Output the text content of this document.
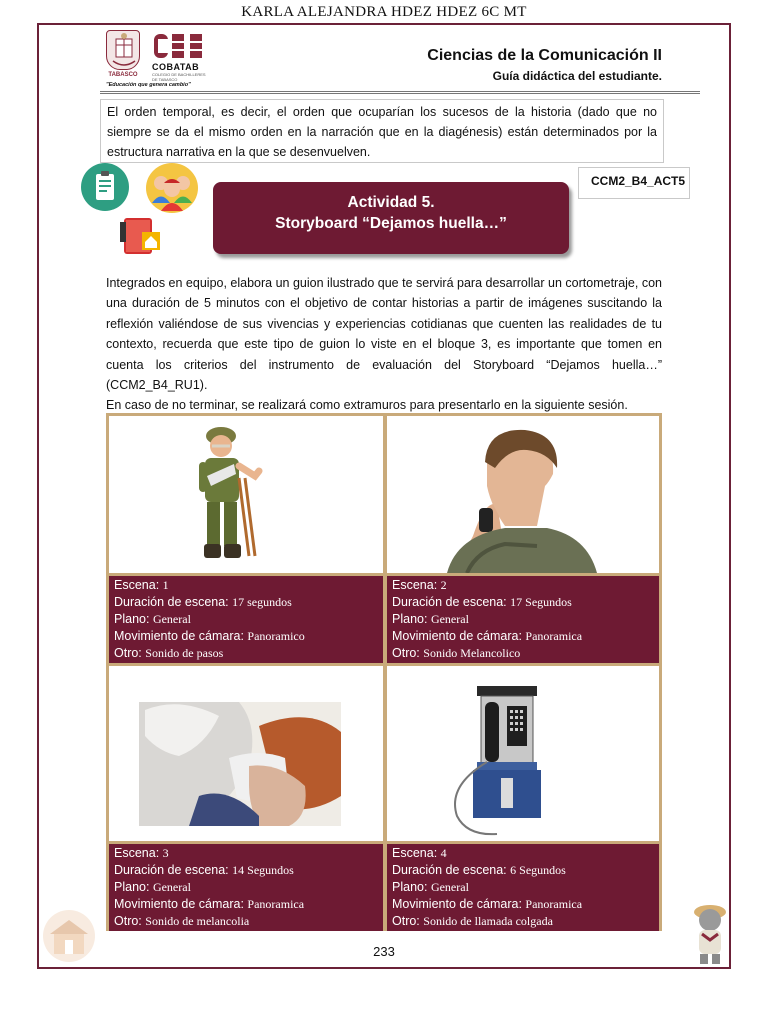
KARLA ALEJANDRA HDEZ HDEZ 6C MT
TABASCO
COBATAB
COLEGIO DE BACHILLERES DE TABASCO
"Educación que genera cambio"
Ciencias de la Comunicación II
Guía didáctica del estudiante.
El orden temporal, es decir, el orden que ocuparían los sucesos de la historia (dado que no siempre se da el mismo orden en la narración que en la diagénesis) están determinados por la estructura narrativa en la que se desenvuelven.
CCM2_B4_ACT5
Actividad 5.
Storyboard “Dejamos huella…”

Integrados en equipo, elabora un guion ilustrado que te servirá para desarrollar un cortometraje, con una duración de 5 minutos con el objetivo de contar historias a partir de imágenes suscitando la reflexión valiéndose de sus vivencias y experiencias cotidianas que cuenten las realidades de tu contexto, recuerda que este tipo de guion lo viste en el bloque 3, es importante que tomen en cuenta los criterios del instrumento de evaluación del Storyboard “Dejamos huella…” (CCM2_B4_RU1).

En caso de no terminar, se realizará como extramuros para presentarlo en la siguiente sesión.

Escena: 1
Duración de escena: 17 segundos
Plano: General
Movimiento de cámara: Panoramico
Otro: Sonido de pasos
Escena: 2
Duración de escena: 17 Segundos
Plano: General
Movimiento de cámara: Panoramica
Otro: Sonido Melancolico
Escena: 3
Duración de escena: 14 Segundos
Plano: General
Movimiento de cámara: Panoramica
Otro: Sonido de melancolia
Escena: 4
Duración de escena: 6 Segundos
Plano: General
Movimiento de cámara: Panoramica
Otro: Sonido de llamada colgada
233
